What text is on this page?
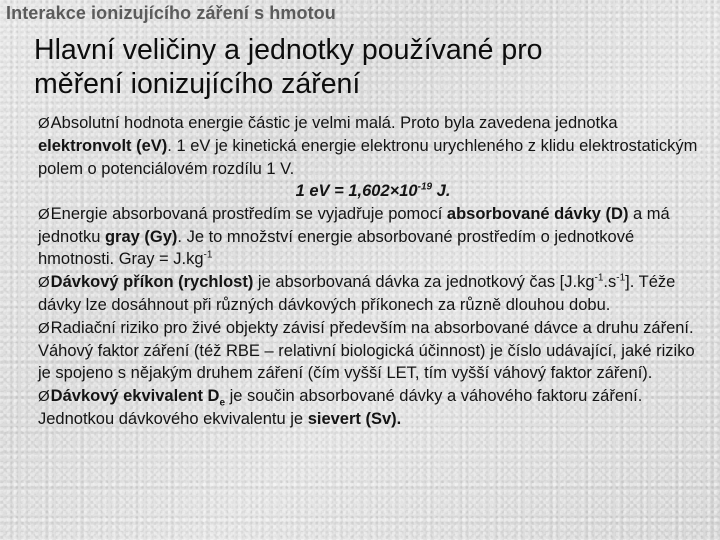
Interakce ionizujícího záření s hmotou
Hlavní veličiny a jednotky používané pro
měření ionizujícího záření

ØAbsolutní hodnota energie částic je velmi malá. Proto byla zavedena jednotka elektronvolt (eV). 1 eV je kinetická energie elektronu urychleného z klidu elektrostatickým polem o potenciálovém rozdílu 1 V.

1 eV = $1,602\times 10^{-19}$ J.

ØEnergie absorbovaná prostředím se vyjadřuje pomocí absorbované dávky (D) a má jednotku gray (Gy). Je to množství energie absorbované prostředím o jednotkové hmotnosti. Gray = $J.kg^{-1}$

ØDávkový příkon (rychlost) je absorbovaná dávka za jednotkový čas $[J.kg^{-1}.s^{-1}]$. Téže dávky lze dosáhnout při různých dávkových příkonech za různě dlouhou dobu.

ØRadiační riziko pro živé objekty závisí především na absorbované dávce a druhu záření. Váhový faktor záření (též RBE – relativní biologická účinnost) je číslo udávající, jaké riziko je spojeno s nějakým druhem záření (čím vyšší LET, tím vyšší váhový faktor záření).

ØDávkový ekvivalent $D_e$ je součin absorbované dávky a váhového faktoru záření. Jednotkou dávkového ekvivalentu je sievert (Sv).
